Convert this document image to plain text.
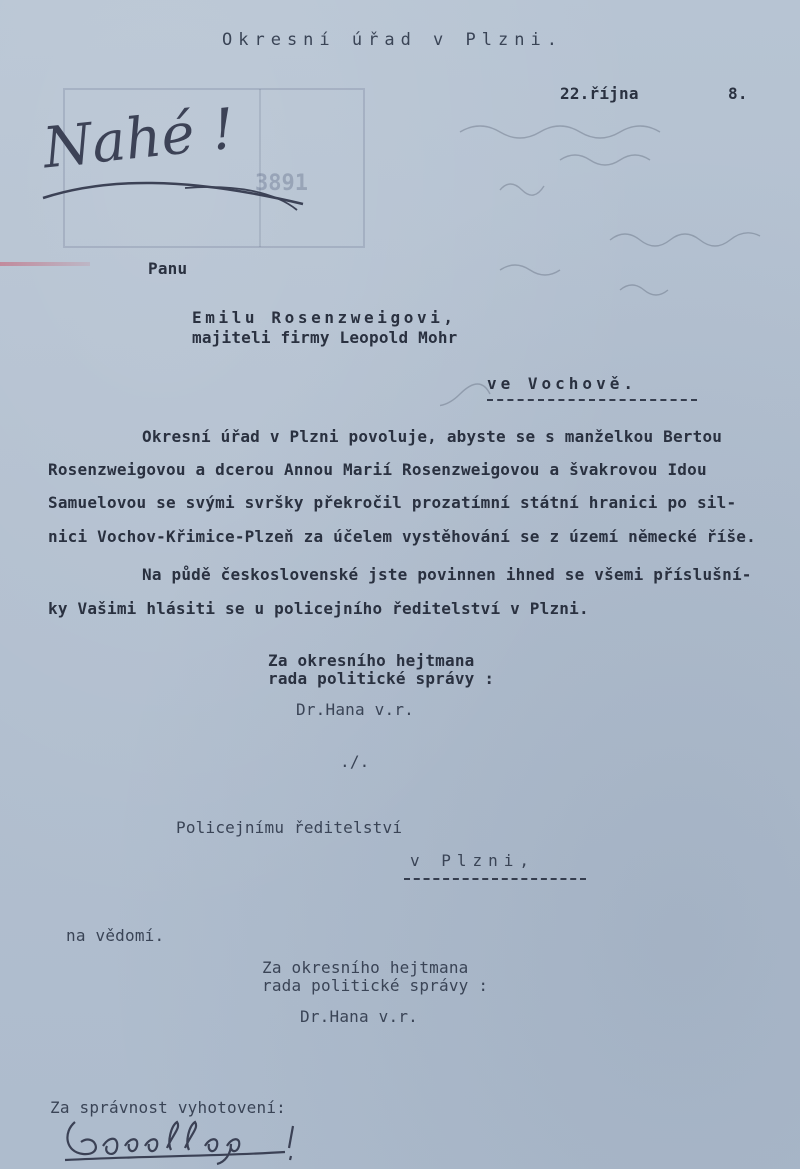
3891
Nahé !
Okresní úřad v Plzni.
22.října	8.
Panu
Emilu Rosenzweigovi,
majiteli firmy Leopold Mohr
ve Vochově.
Okresní úřad v Plzni povoluje, abyste se s manželkou Bertou
Rosenzweigovou a dcerou Annou Marií Rosenzweigovou a švakrovou Idou
Samuelovou se svými svršky překročil prozatímní státní hranici po sil-
nici Vochov-Křimice-Plzeň za účelem vystěhování se z území německé říše.
Na půdě československé jste povinnen ihned se všemi příslušní-
ky Vašimi hlásiti se u policejního ředitelství v Plzni.
Za okresního hejtmana
rada politické správy :
Dr.Hana v.r.
./.
Policejnímu ředitelství
v Plzni,
na vědomí.
Za okresního hejtmana
rada politické správy :
Dr.Hana v.r.
Za správnost vyhotovení:
